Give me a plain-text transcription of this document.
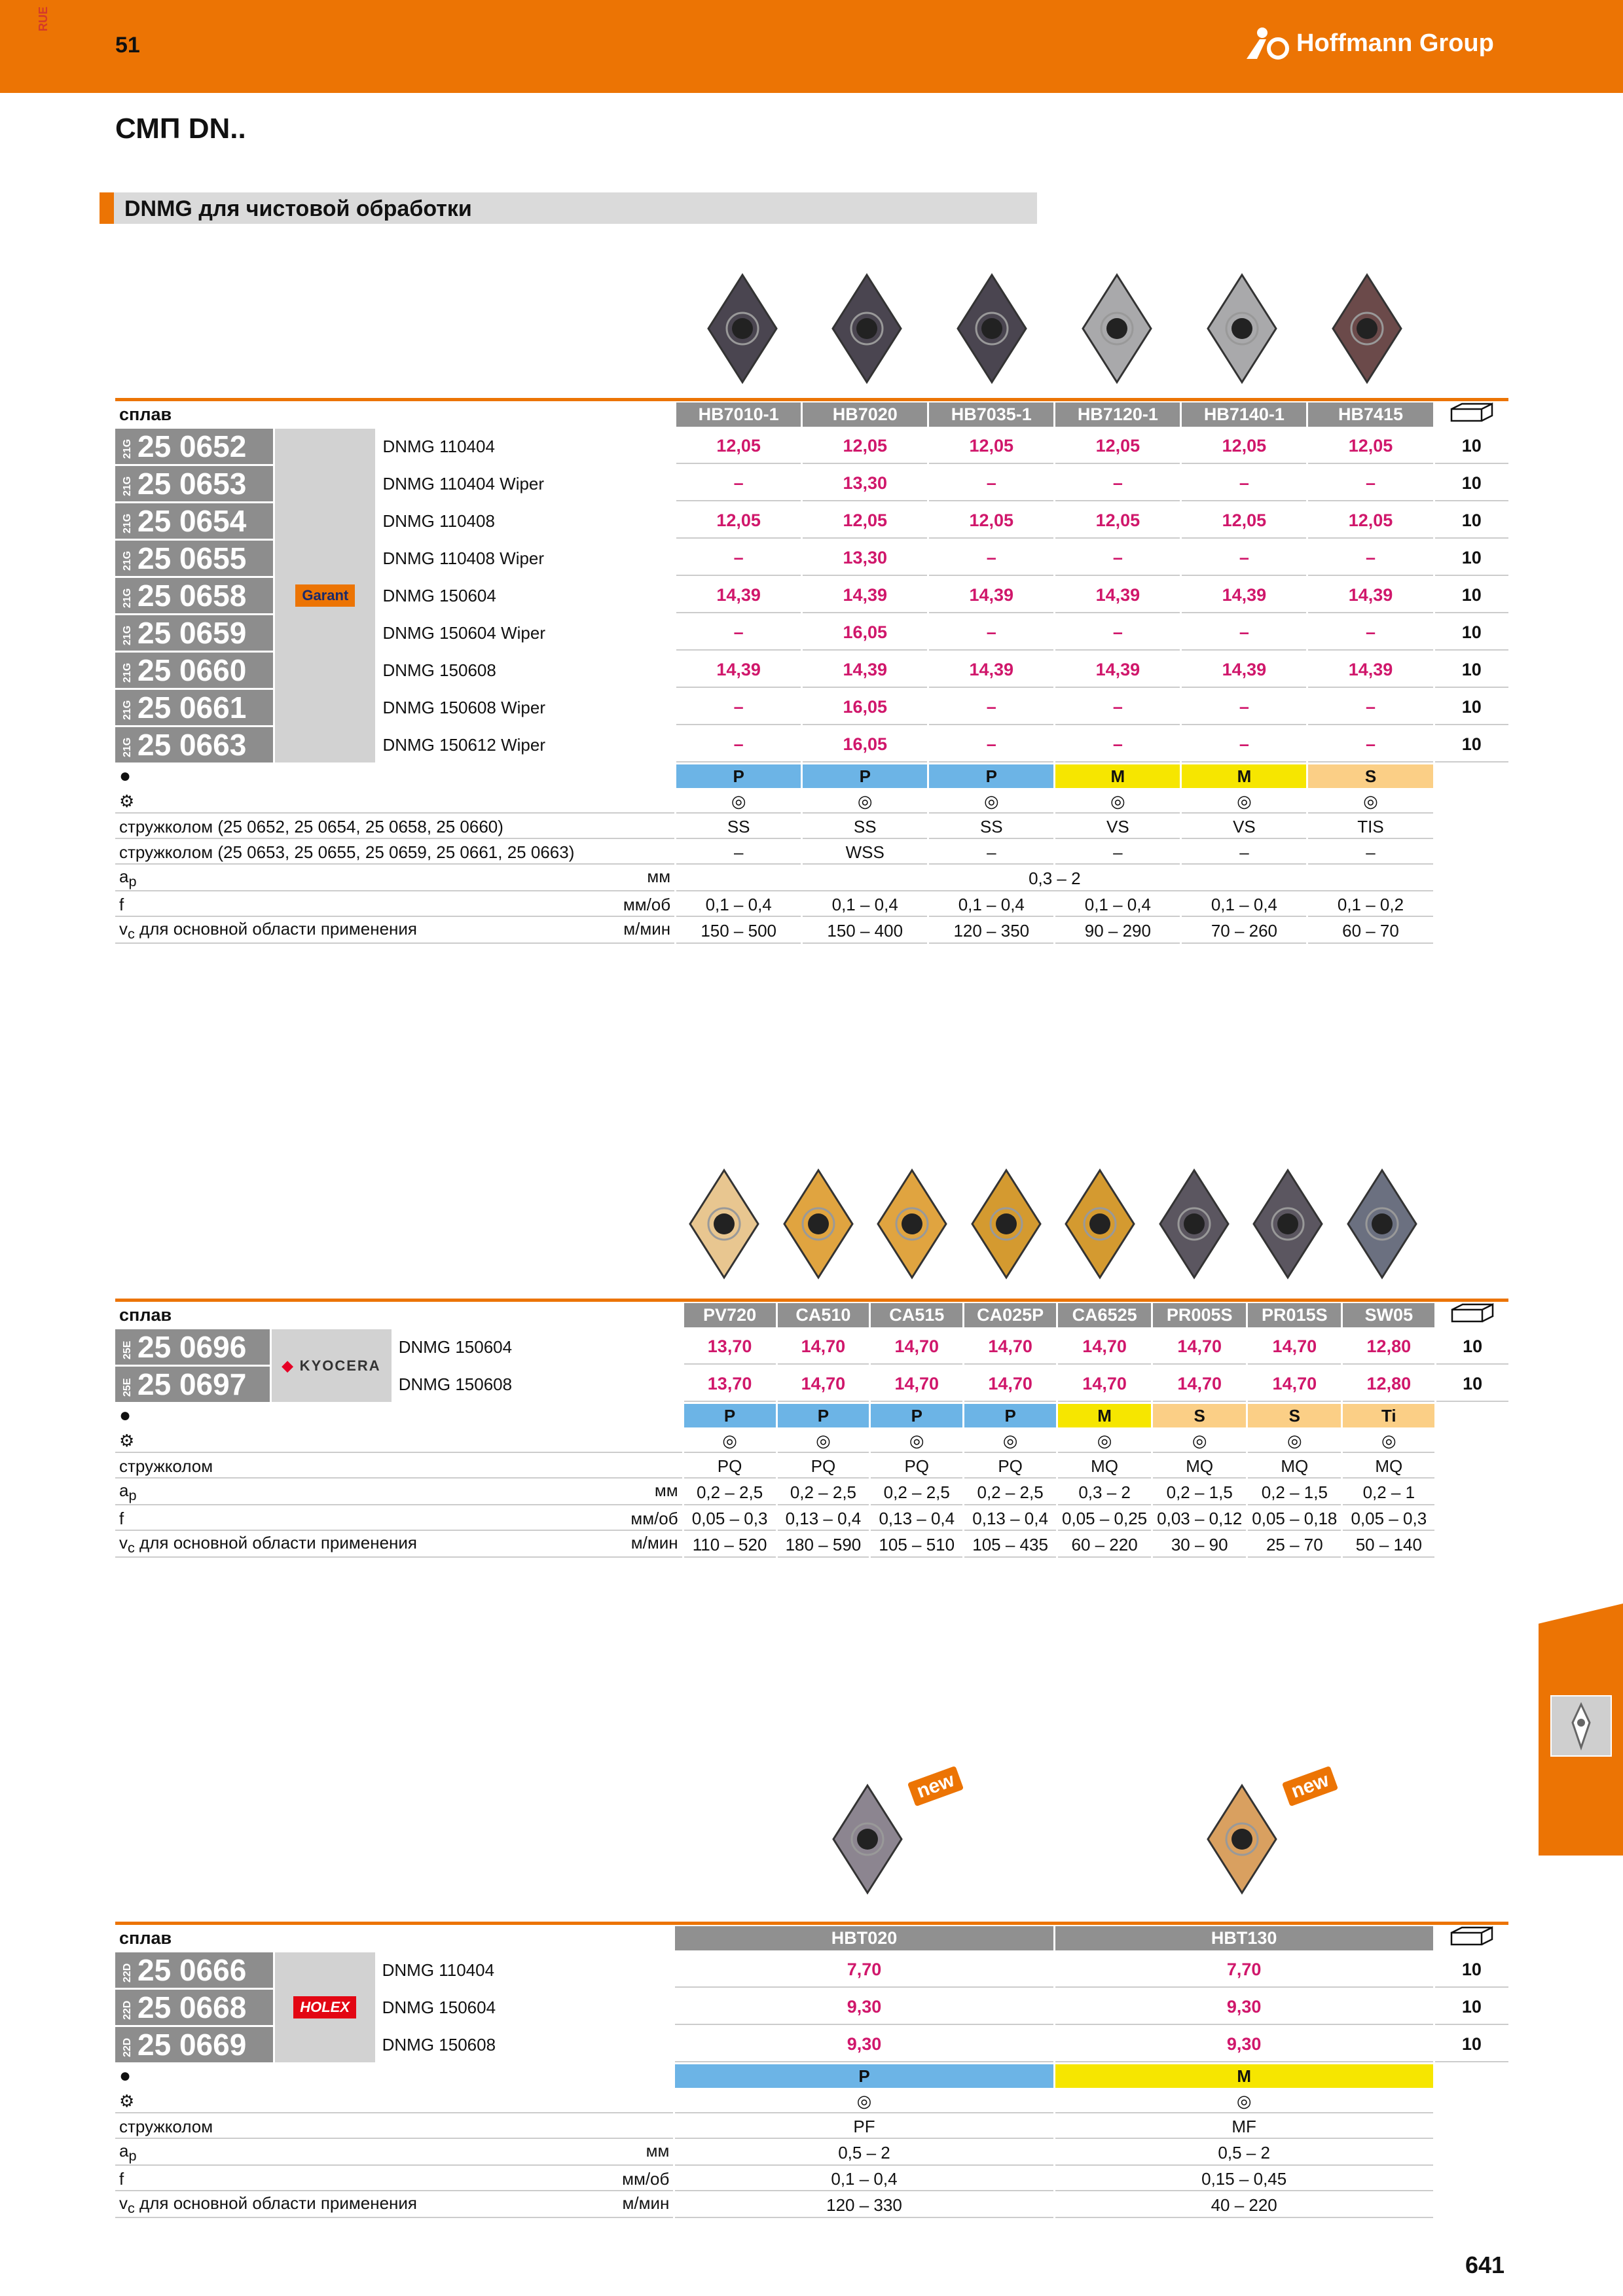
RUE
51	Hoffmann Group
СМП DN..
DNMG для чистовой обработки
сплав			HB7010-1	HB7020	HB7035-1	HB7120-1	HB7140-1	HB7415	
21G 25 0652	Garant	DNMG 110404	12,05	12,05	12,05	12,05	12,05	12,05	10
21G 25 0653		DNMG 110404 Wiper	–	13,30	–	–	–	–	10
21G 25 0654		DNMG 110408	12,05	12,05	12,05	12,05	12,05	12,05	10
21G 25 0655		DNMG 110408 Wiper	–	13,30	–	–	–	–	10
21G 25 0658		DNMG 150604	14,39	14,39	14,39	14,39	14,39	14,39	10
21G 25 0659		DNMG 150604 Wiper	–	16,05	–	–	–	–	10
21G 25 0660		DNMG 150608	14,39	14,39	14,39	14,39	14,39	14,39	10
21G 25 0661		DNMG 150608 Wiper	–	16,05	–	–	–	–	10
21G 25 0663		DNMG 150612 Wiper	–	16,05	–	–	–	–	10
●			P	P	P	M	M	S	
⚙			◎	◎	◎	◎	◎	◎	
стружколом (25 0652, 25 0654, 25 0658, 25 0660)			SS	SS	SS	VS	VS	TIS	
стружколом (25 0653, 25 0655, 25 0659, 25 0661, 25 0663)			–	WSS	–	–	–	–	
$a_p$ мм			0,3 – 2						
f мм/об			0,1 – 0,4	0,1 – 0,4	0,1 – 0,4	0,1 – 0,4	0,1 – 0,4	0,1 – 0,2	
$v_c$ для основной области применения м/мин			150 – 500	150 – 400	120 – 350	90 – 290	70 – 260	60 – 70	
сплав			PV720	CA510	CA515	CA025P	CA6525	PR005S	PR015S	SW05	
25E 25 0696	◆ KYOCERA	DNMG 150604	13,70	14,70	14,70	14,70	14,70	14,70	14,70	12,80	10
25E 25 0697		DNMG 150608	13,70	14,70	14,70	14,70	14,70	14,70	14,70	12,80	10
●			P	P	P	P	M	S	S	Ti	
⚙			◎	◎	◎	◎	◎	◎	◎	◎	
стружколом			PQ	PQ	PQ	PQ	MQ	MQ	MQ	MQ	
$a_p$ мм			0,2 – 2,5	0,2 – 2,5	0,2 – 2,5	0,2 – 2,5	0,3 – 2	0,2 – 1,5	0,2 – 1,5	0,2 – 1	
f мм/об			0,05 – 0,3	0,13 – 0,4	0,13 – 0,4	0,13 – 0,4	0,05 – 0,25	0,03 – 0,12	0,05 – 0,18	0,05 – 0,3	
$v_c$ для основной области применения м/мин			110 – 520	180 – 590	105 – 510	105 – 435	60 – 220	30 – 90	25 – 70	50 – 140	
сплав			HBT020	HBT130	
22D 25 0666	HOLEX	DNMG 110404	7,70	7,70	10
22D 25 0668		DNMG 150604	9,30	9,30	10
22D 25 0669		DNMG 150608	9,30	9,30	10
●			P	M	
⚙			◎	◎	
стружколом			PF	MF	
$a_p$ мм			0,5 – 2	0,5 – 2	
f мм/об			0,1 – 0,4	0,15 – 0,45	
$v_c$ для основной области применения м/мин			120 – 330	40 – 220	
641
new	new
